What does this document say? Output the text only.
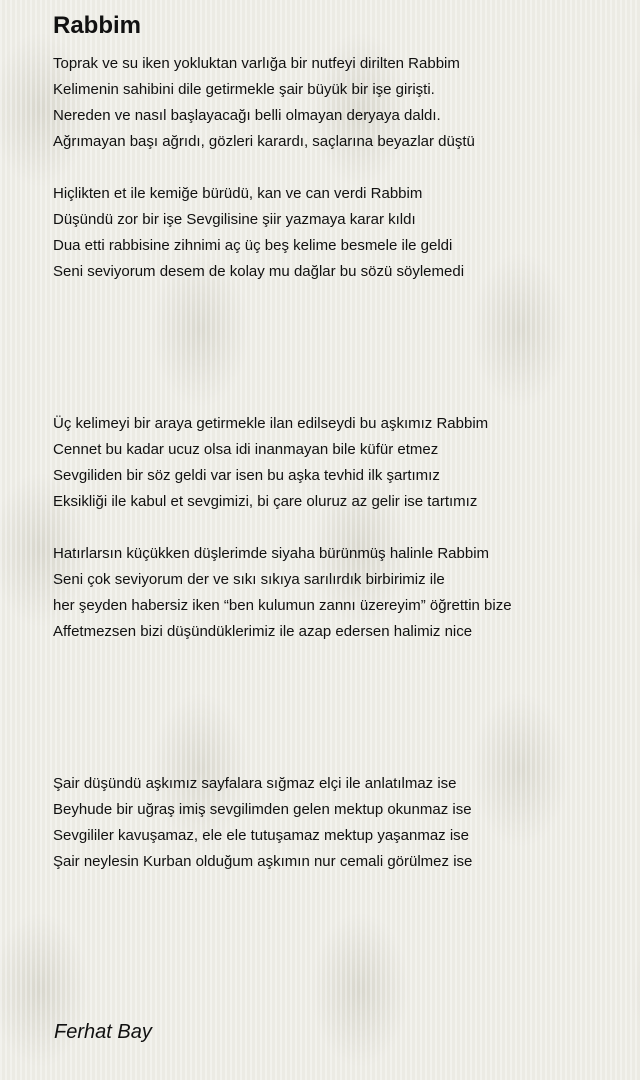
Rabbim
Toprak ve su iken yokluktan varlığa bir nutfeyi dirilten Rabbim
Kelimenin sahibini dile getirmekle şair büyük bir işe girişti.
Nereden ve nasıl başlayacağı belli olmayan deryaya daldı.
Ağrımayan başı ağrıdı, gözleri karardı, saçlarına beyazlar düştü
Hiçlikten et ile kemiğe bürüdü, kan ve can verdi Rabbim
Düşündü zor bir işe Sevgilisine şiir yazmaya karar kıldı
Dua etti rabbisine zihnimi aç üç beş kelime besmele ile geldi
Seni seviyorum desem de kolay mu dağlar bu sözü söylemedi
Üç kelimeyi bir araya getirmekle ilan edilseydi bu aşkımız Rabbim
Cennet bu kadar ucuz olsa idi inanmayan bile küfür etmez
Sevgiliden bir söz geldi var isen bu aşka tevhid ilk şartımız
Eksikliği ile kabul et sevgimizi, bi çare oluruz az gelir ise tartımız
Hatırlarsın küçükken düşlerimde siyaha bürünmüş halinle Rabbim
Seni çok seviyorum der ve sıkı sıkıya sarılırdık birbirimiz ile
her şeyden habersiz iken “ben kulumun zannı üzereyim” öğrettin bize
Affetmezsen bizi düşündüklerimiz ile azap edersen halimiz nice
Şair düşündü aşkımız sayfalara sığmaz elçi ile anlatılmaz ise
Beyhude bir uğraş imiş sevgilimden gelen mektup okunmaz ise
Sevgililer kavuşamaz, ele ele tutuşamaz mektup yaşanmaz ise
Şair neylesin Kurban olduğum aşkımın nur cemali görülmez ise

Ferhat Bay
